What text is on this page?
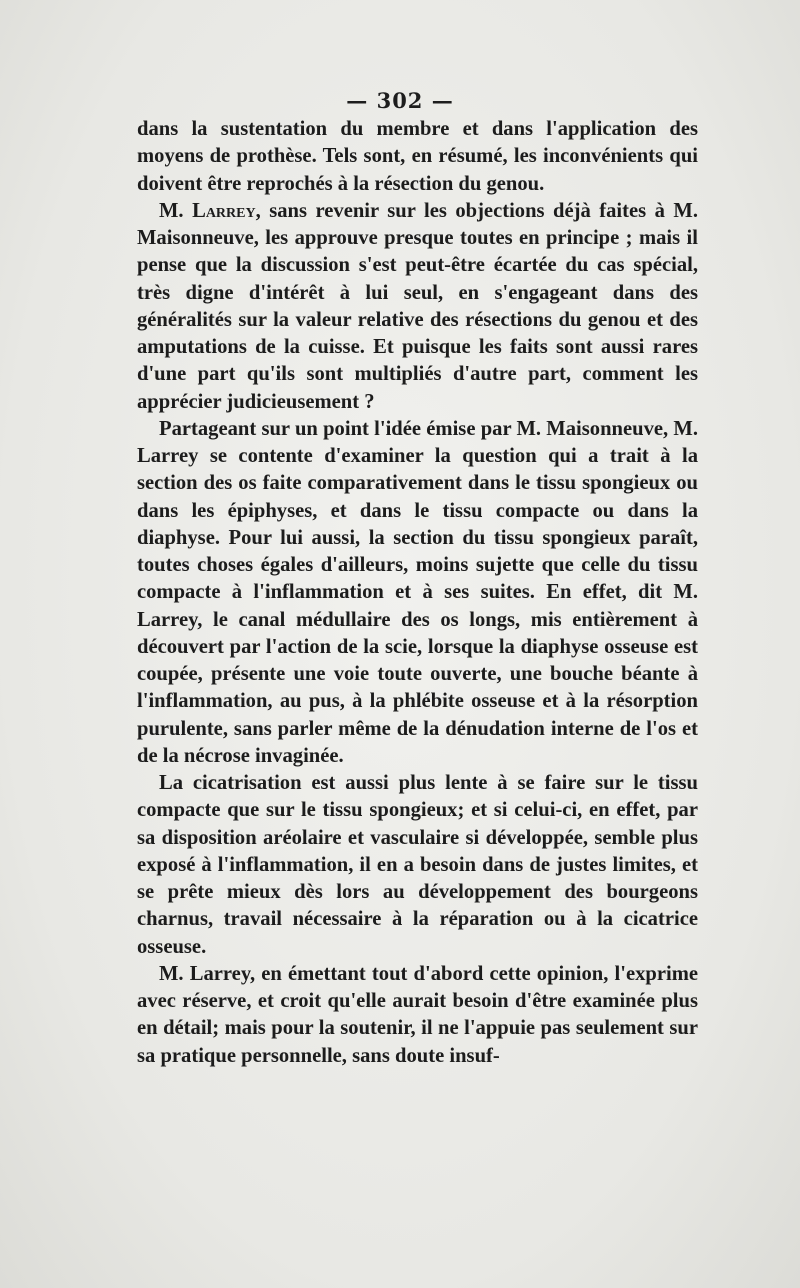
— 302 —

dans la sustentation du membre et dans l'application des moyens de prothèse. Tels sont, en résumé, les inconvénients qui doivent être reprochés à la résection du genou.

M. Larrey, sans revenir sur les objections déjà faites à M. Maisonneuve, les approuve presque toutes en principe ; mais il pense que la discussion s'est peut-être écartée du cas spécial, très digne d'intérêt à lui seul, en s'engageant dans des généralités sur la valeur relative des résections du genou et des amputations de la cuisse. Et puisque les faits sont aussi rares d'une part qu'ils sont multipliés d'autre part, comment les apprécier judicieusement ?

Partageant sur un point l'idée émise par M. Maisonneuve, M. Larrey se contente d'examiner la question qui a trait à la section des os faite comparativement dans le tissu spongieux ou dans les épiphyses, et dans le tissu compacte ou dans la diaphyse. Pour lui aussi, la section du tissu spongieux paraît, toutes choses égales d'ailleurs, moins sujette que celle du tissu compacte à l'inflammation et à ses suites. En effet, dit M. Larrey, le canal médullaire des os longs, mis entièrement à découvert par l'action de la scie, lorsque la diaphyse osseuse est coupée, présente une voie toute ouverte, une bouche béante à l'inflammation, au pus, à la phlébite osseuse et à la résorption purulente, sans parler même de la dénudation interne de l'os et de la nécrose invaginée.

La cicatrisation est aussi plus lente à se faire sur le tissu compacte que sur le tissu spongieux; et si celui-ci, en effet, par sa disposition aréolaire et vasculaire si développée, semble plus exposé à l'inflammation, il en a besoin dans de justes limites, et se prête mieux dès lors au développement des bourgeons charnus, travail nécessaire à la réparation ou à la cicatrice osseuse.

M. Larrey, en émettant tout d'abord cette opinion, l'exprime avec réserve, et croit qu'elle aurait besoin d'être examinée plus en détail; mais pour la soutenir, il ne l'appuie pas seulement sur sa pratique personnelle, sans doute insuf-
